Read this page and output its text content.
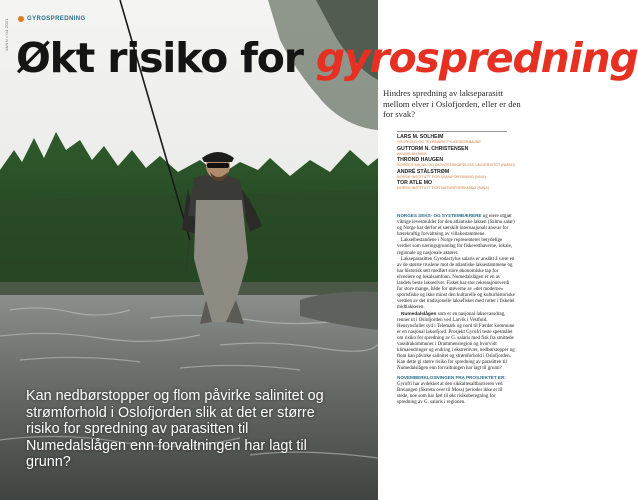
VANN • 04 2021	GYROSPREDNING
Økt risiko for gyrospredning
Kan nedbørstopper og flom påvirke salinitet og strømforhold i Oslofjorden slik at det er større risiko for spredning av parasitten til Numedalslågen enn forvaltningen har lagt til grunn?
Hindres spredning av lakseparasitt mellom elver i Oslofjorden, eller er den for svak?
LARS M. SOLHEIM
VESTFOLD OG TELEMARK FYLKESKOMMUNE
GUTTORM N. CHRISTENSEN
AKVAPLAN-NIVA
THROND HAUGEN
NORGES MILJØ- OG BIOVITENSKAPELIGE UNIVERSITET (NMBU)
ANDRÉ STÅLSTRØM
NORSK INSTITUTT FOR VANNFORSKNING (NIVA)
TOR ATLE MO
NORSK INSTITUTT FOR NATURFORSKNING (NINA)

NORGES SEKS- OG SYSTEMBÆRERE og eiere utgjør viktige levesmulder for den atlantiske laksen (Salmo salar) og Norge har derfor et særskilt internasjonalt ansvar for bærekraftig forvaltning av villaksstammene.

Lakselbestandene i Norge representerer betydelige verdier som næringsgrunnlag for fiskeretthaverne, lokale, regionale og nasjonale aktører.

Lakseparasitten Gyrodactylus salaris er anslått å være en av de største truslene mot de atlantiske laksestammene og har historisk sett medført store økonomiske tap for elveeiere og lokalsamfunn. Numedalslågen er en av landets beste lakseelver. Fisket har stor rekreasjonsverdi for store mange, både for utøverne av «det moderne» sportsfiske og ikke minst den kulturelle og kulturhistoriske verdien av det tradisjonelle laksefisket med rotter i fiskelei midtlakkeren.

Numedalslågen som er en nasjonal laksevassdrag, renner ut i Oslofjorden ved Larvik i Vestfold. Hensynsfullet syd i Telemark og nord til Færder kommune er en nasjonal laksefjord. Prosjekt Gyrofri teste spesmålet om risiko for spredning av G. salaris med fisk fra smittede vassdrakommuner i Drammensregion og hvorvidt klimaendringer og endring i ekstremvær, nedbørstopper og flom kan påvirke salinitet og strømforhold i Oslofjorden. Kan dette gi større risiko for spredning av parasitten til Numedalslågen enn forvaltningen har lagt til grunn?

NOVEMBERKLOSNINGEN FRA PROSJEKTET ER:

Gyrofri har avdekket at den sikkaltesaltbarrieren ved Breiangen (Skrreta over til Moss) perioder ikke er til stede, noe som har ført til økt risikoberegning for spredning av G. salaris i regionen.
